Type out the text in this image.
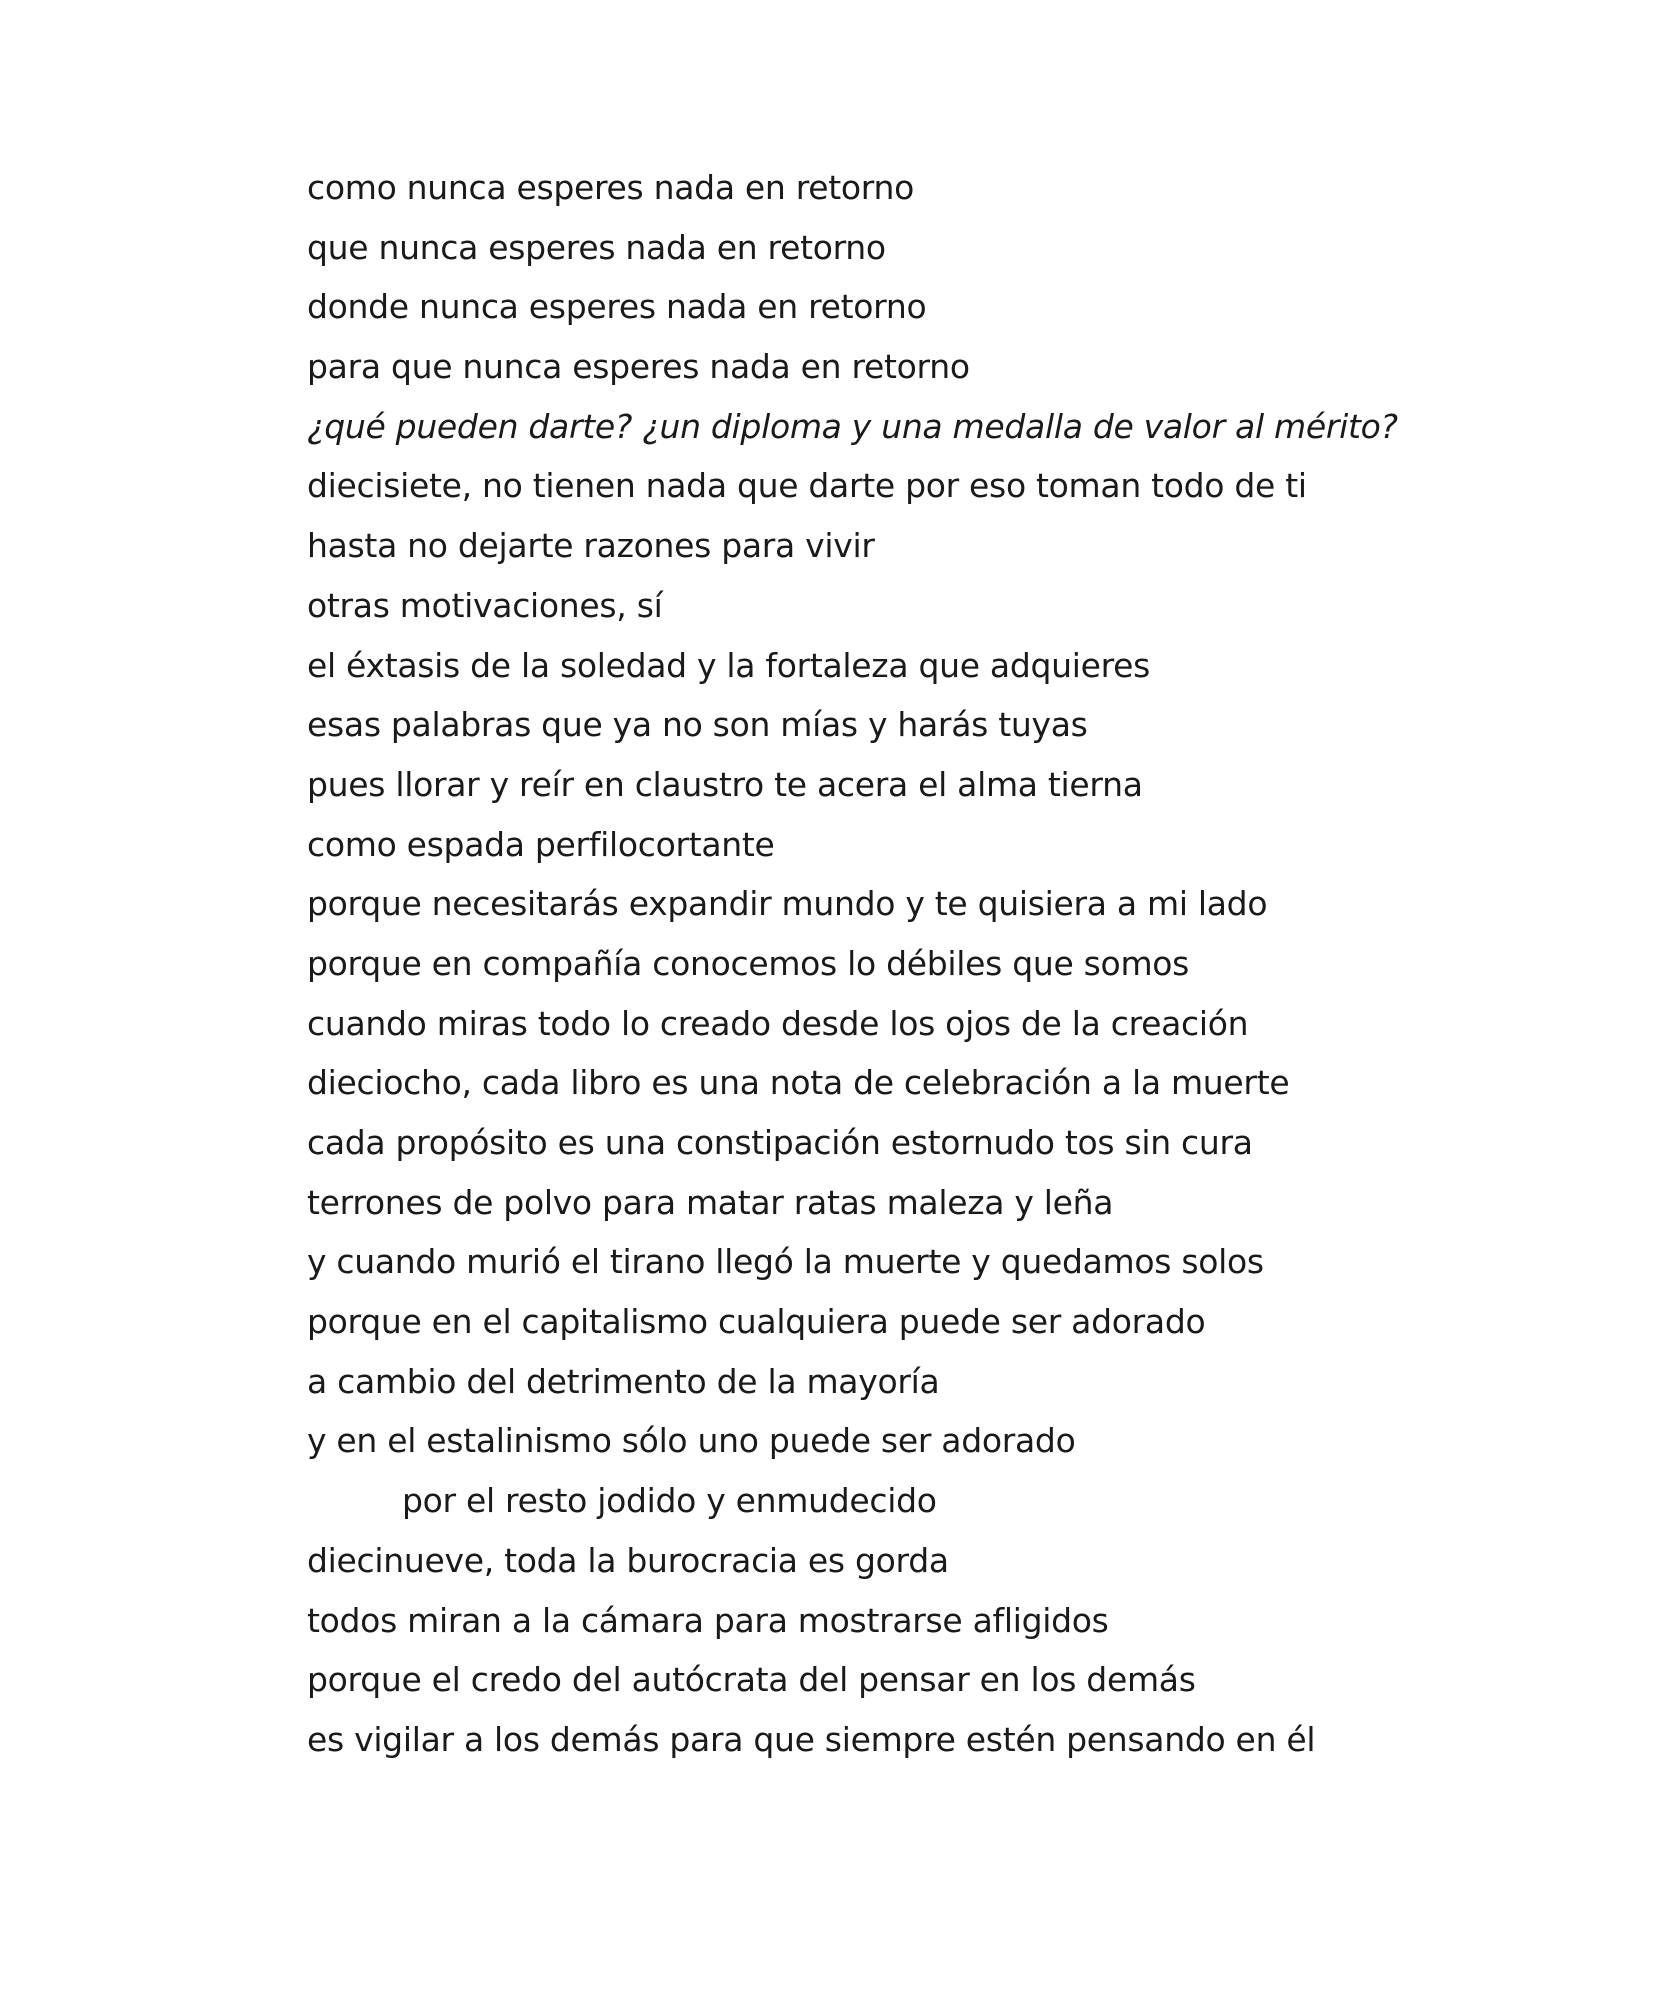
como nunca esperes nada en retorno
que nunca esperes nada en retorno
donde nunca esperes nada en retorno
para que nunca esperes nada en retorno
¿qué pueden darte? ¿un diploma y una medalla de valor al mérito?
diecisiete, no tienen nada que darte por eso toman todo de ti
hasta no dejarte razones para vivir
otras motivaciones, sí
el éxtasis de la soledad y la fortaleza que adquieres
esas palabras que ya no son mías y harás tuyas
pues llorar y reír en claustro te acera el alma tierna
como espada perfilocortante
porque necesitarás expandir mundo y te quisiera a mi lado
porque en compañía conocemos lo débiles que somos
cuando miras todo lo creado desde los ojos de la creación
dieciocho, cada libro es una nota de celebración a la muerte
cada propósito es una constipación estornudo tos sin cura
terrones de polvo para matar ratas maleza y leña
y cuando murió el tirano llegó la muerte y quedamos solos
porque en el capitalismo cualquiera puede ser adorado
a cambio del detrimento de la mayoría
y en el estalinismo sólo uno puede ser adorado
por el resto jodido y enmudecido
diecinueve, toda la burocracia es gorda
todos miran a la cámara para mostrarse afligidos
porque el credo del autócrata del pensar en los demás
es vigilar a los demás para que siempre estén pensando en él
